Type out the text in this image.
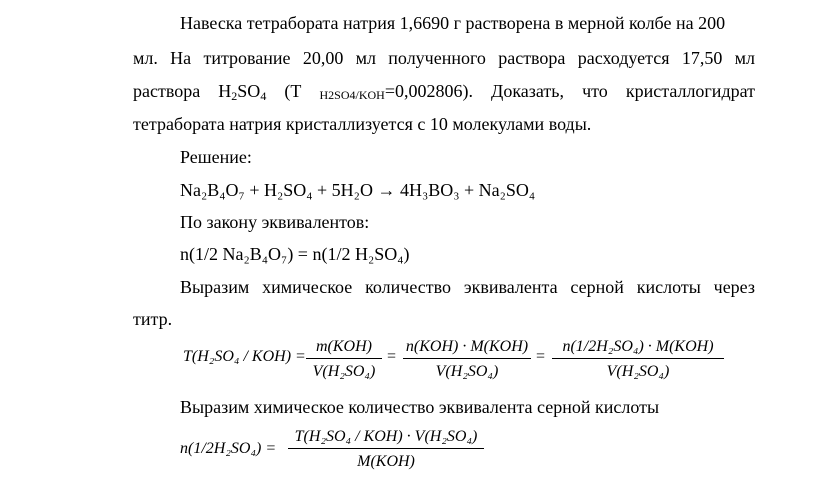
Навеска тетрабората натрия 1,6690 г растворена в мерной колбе на 200
мл. На титрование 20,00 мл полученного раствора расходуется 17,50 мл
раствора $H_2SO_4$ (Т H2SO4/KOH=0,002806). Доказать, что кристаллогидрат
тетрабората натрия кристаллизуется с 10 молекулами воды.
Решение:
Na₂B₄O₇ + H₂SO₄ + 5H₂O → 4H₃BO₃ + Na₂SO₄
По закону эквивалентов:
n(1/2 Na₂B₄O₇) = n(1/2 H₂SO₄)
Выразим химическое количество эквивалента серной кислоты через
титр.
T(H₂SO₄ / KOH) =
m(KOH)
V(H₂SO₄)
=
n(KOH) · M(KOH)
V(H₂SO₄)
=
n(1/2H₂SO₄) · M(KOH)
V(H₂SO₄)
Выразим химическое количество эквивалента серной кислоты
n(1/2H₂SO₄) =
T(H₂SO₄ / KOH) · V(H₂SO₄)
M(KOH)
